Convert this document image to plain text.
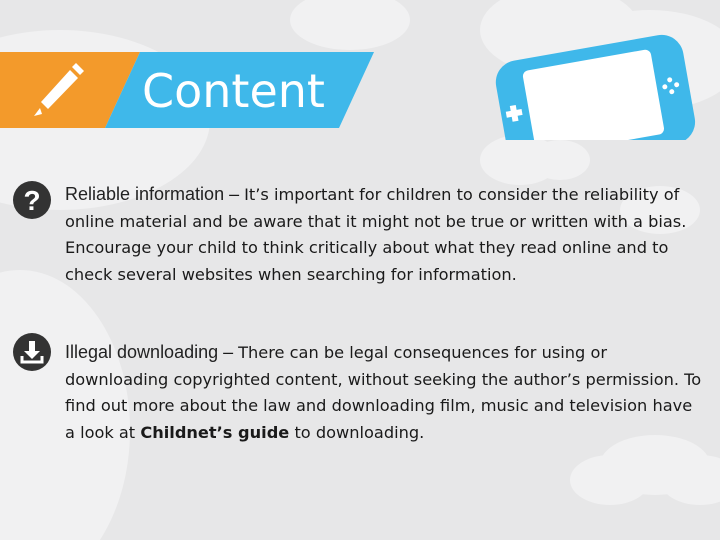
Content
? Reliable information – It’s important for children to consider the reliability of online material and be aware that it might not be true or written with a bias. Encourage your child to think critically about what they read online and to check several websites when searching for information.
Illegal downloading – There can be legal consequences for using or downloading copyrighted content, without seeking the author’s permission. To find out more about the law and downloading film, music and television have a look at Childnet’s guide to downloading.
